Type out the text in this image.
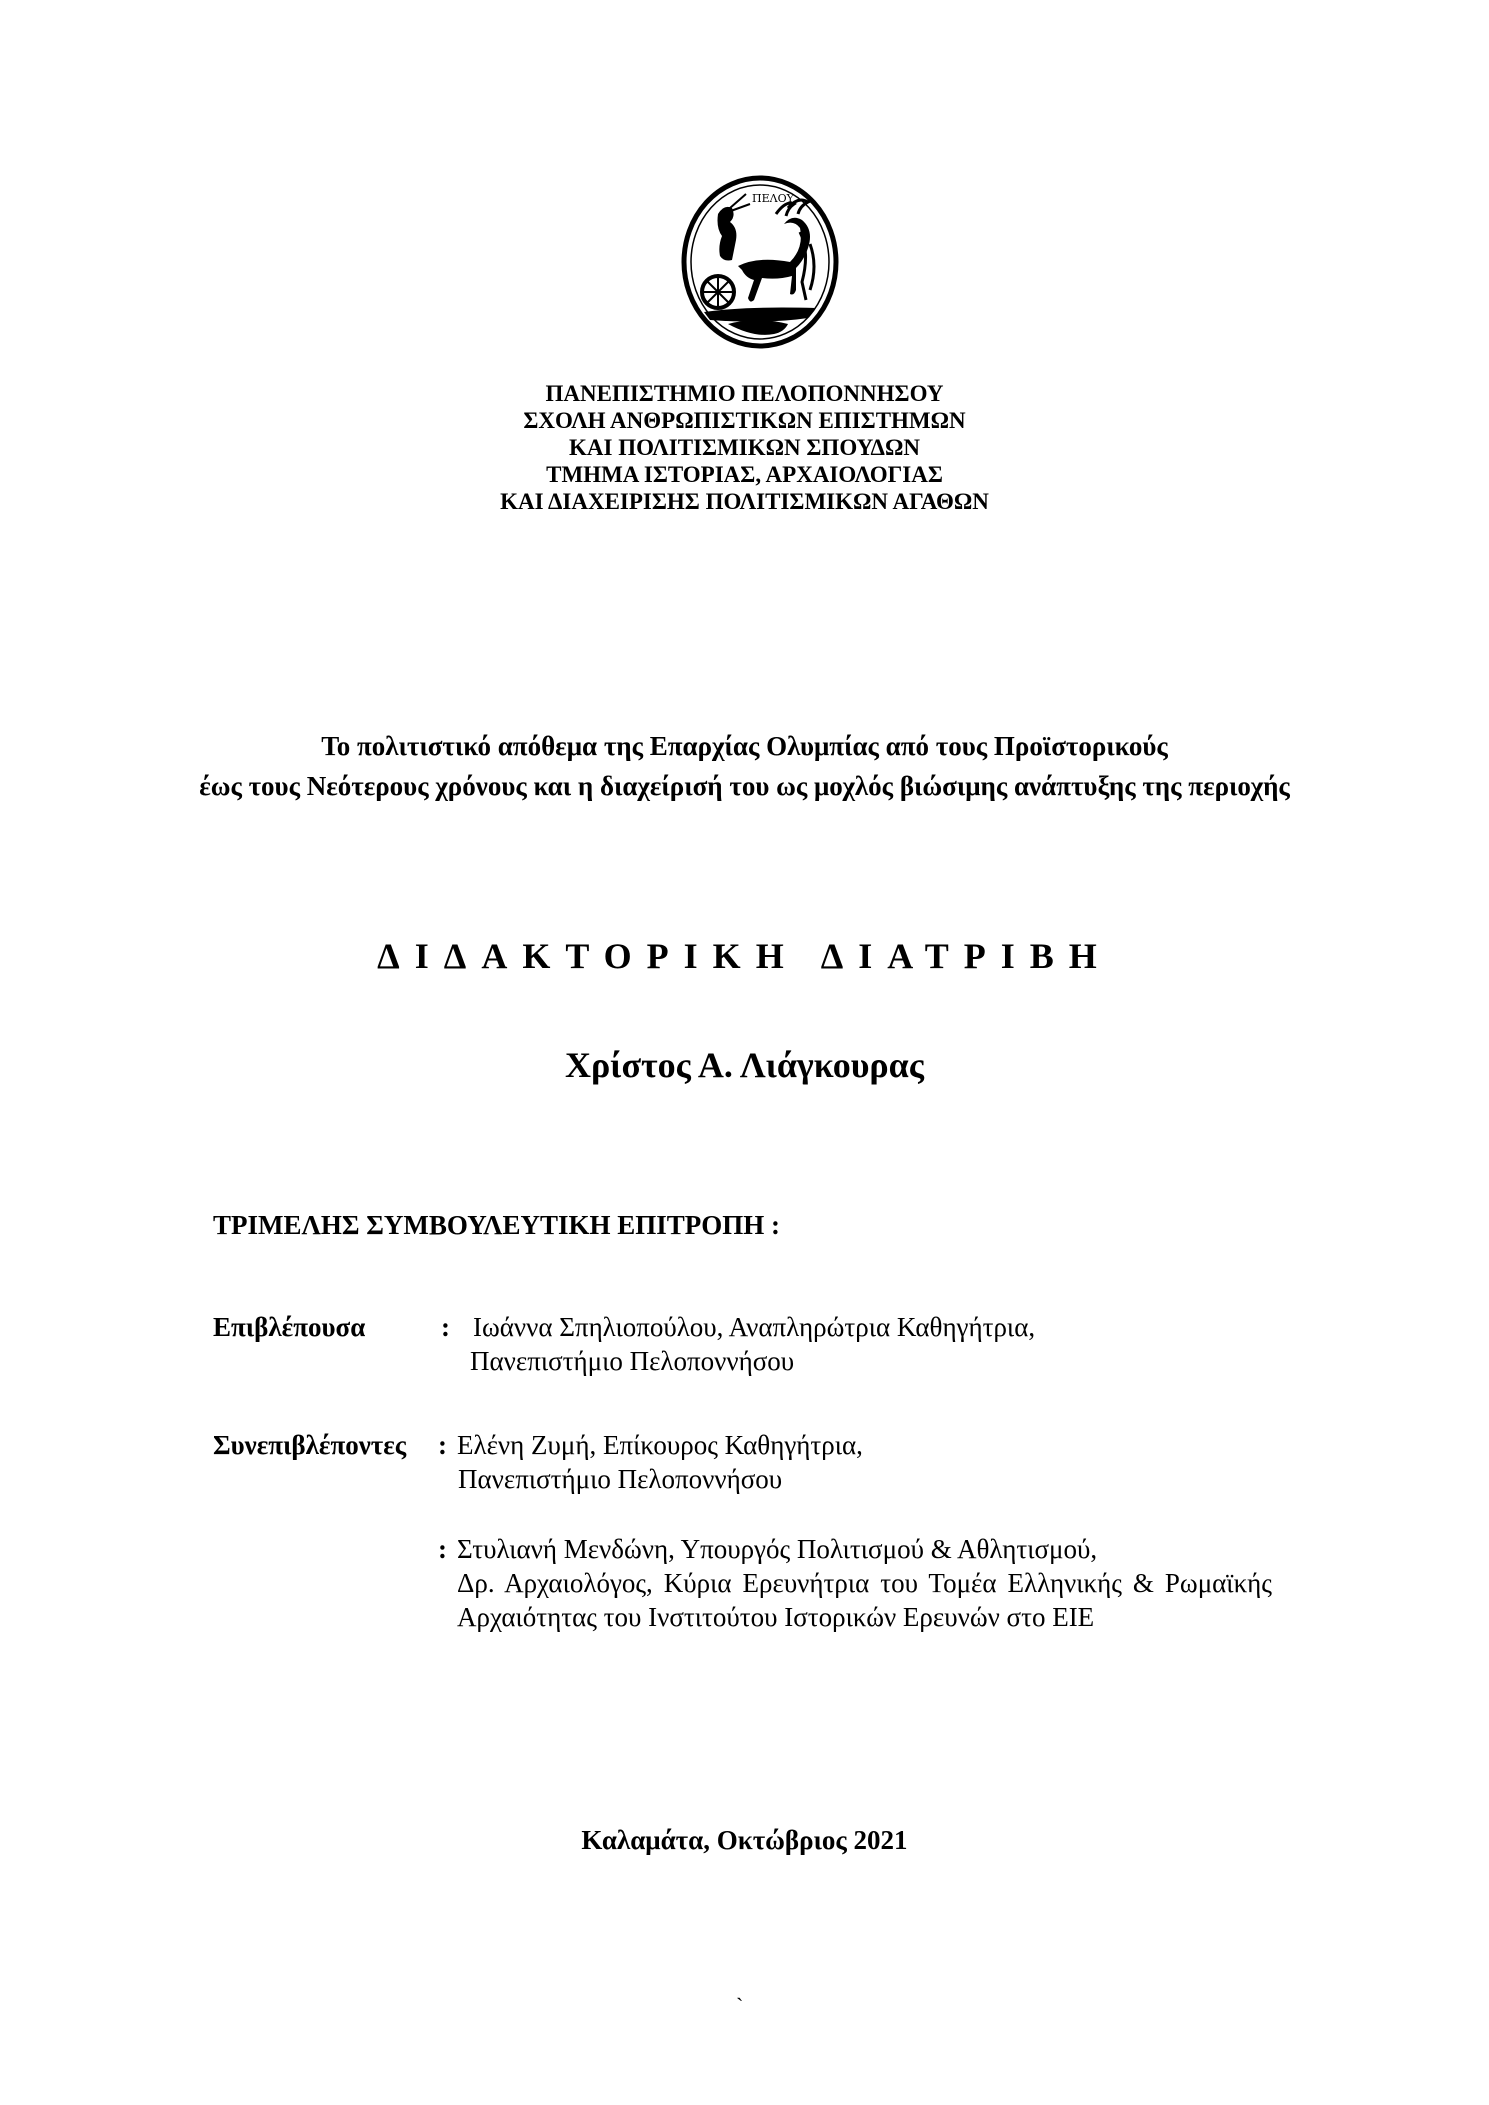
ΠΕΛΟΥ
ΠΑΝΕΠΙΣΤΗΜΙΟ ΠΕΛΟΠΟΝΝΗΣΟΥ
ΣΧΟΛΗ ΑΝΘΡΩΠΙΣΤΙΚΩΝ ΕΠΙΣΤΗΜΩΝ
ΚΑΙ ΠΟΛΙΤΙΣΜΙΚΩΝ ΣΠΟΥΔΩΝ
ΤΜΗΜΑ ΙΣΤΟΡΙΑΣ, ΑΡΧΑΙΟΛΟΓΙΑΣ
ΚΑΙ ΔΙΑΧΕΙΡΙΣΗΣ ΠΟΛΙΤΙΣΜΙΚΩΝ ΑΓΑΘΩΝ
Το πολιτιστικό απόθεμα της Επαρχίας Ολυμπίας από τους Προϊστορικούς
έως τους Νεότερους χρόνους και η διαχείρισή του ως μοχλός βιώσιμης ανάπτυξης της περιοχής
ΔΙΔΑΚΤΟΡΙΚΗ ΔΙΑΤΡΙΒΗ
Χρίστος Α. Λιάγκουρας
ΤΡΙΜΕΛΗΣ ΣΥΜΒΟΥΛΕΥΤΙΚΗ ΕΠΙΤΡΟΠΗ :
Επιβλέπουσα	: Ιωάννα Σπηλιοπούλου, Αναπληρώτρια Καθηγήτρια,
Πανεπιστήμιο Πελοποννήσου
Συνεπιβλέποντες : Ελένη Ζυμή, Επίκουρος Καθηγήτρια,
Πανεπιστήμιο Πελοποννήσου
: Στυλιανή Μενδώνη, Υπουργός Πολιτισμού & Αθλητισμού,
Δρ. Αρχαιολόγος, Κύρια Ερευνήτρια του Τομέα Ελληνικής & Ρωμαϊκής Αρχαιότητας του Ινστιτούτου Ιστορικών Ερευνών στο ΕΙΕ
Καλαμάτα, Οκτώβριος 2021
`
